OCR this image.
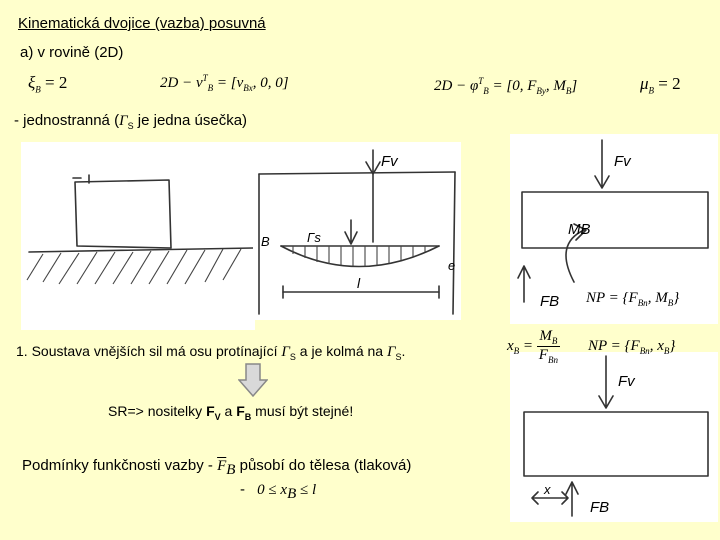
Kinematická dvojice (vazba) posuvná
a) v rovině (2D)
$\xi_B = 2$	$2D - v^T_B = [v_{Bx}$, 0, 0]	$2D - \varphi^T_B = [0$, $F_{By}$, $M_B$]	$\mu_B = 2$
- jednostranná ($\Gamma_S$ je jedna úsečka)
Fv
Γs
B
e
l
Fv
MB
FB
Fv
FB
x
NP = {$F_{Bn}$, $M_B$}
$x_B = \frac{M_B}{F_{Bn}}$ NP = {$F_{Bn}$, $x_B$}
1. Soustava vnějších sil má osu protínající $\Gamma_S$ a je kolmá na $\Gamma_S$.
SR=> nositelky $F_V$ a $F_B$ musí být stejné!
Podmínky funkčnosti vazby - $\overline{F}_B$ působí do tělesa (tlaková)
- $0 \le x_B \le l$
